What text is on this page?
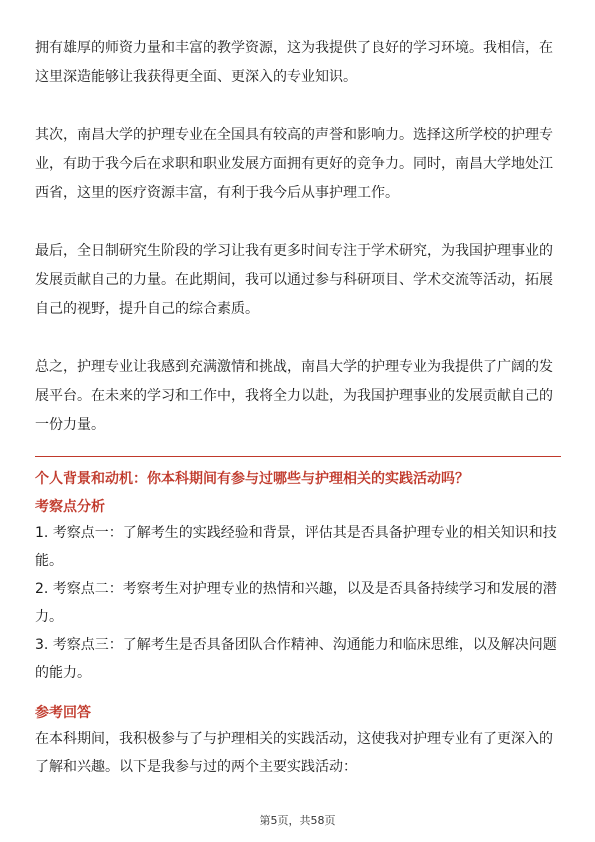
拥有雄厚的师资力量和丰富的教学资源，这为我提供了良好的学习环境。我相信，在这里深造能够让我获得更全面、更深入的专业知识。

其次，南昌大学的护理专业在全国具有较高的声誉和影响力。选择这所学校的护理专业，有助于我今后在求职和职业发展方面拥有更好的竞争力。同时，南昌大学地处江西省，这里的医疗资源丰富，有利于我今后从事护理工作。

最后，全日制研究生阶段的学习让我有更多时间专注于学术研究，为我国护理事业的发展贡献自己的力量。在此期间，我可以通过参与科研项目、学术交流等活动，拓展自己的视野，提升自己的综合素质。

总之，护理专业让我感到充满激情和挑战，南昌大学的护理专业为我提供了广阔的发展平台。在未来的学习和工作中，我将全力以赴，为我国护理事业的发展贡献自己的一份力量。

个人背景和动机：你本科期间有参与过哪些与护理相关的实践活动吗？
考察点分析
1. 考察点一：了解考生的实践经验和背景，评估其是否具备护理专业的相关知识和技能。
2. 考察点二：考察考生对护理专业的热情和兴趣，以及是否具备持续学习和发展的潜力。
3. 考察点三：了解考生是否具备团队合作精神、沟通能力和临床思维，以及解决问题的能力。
参考回答
在本科期间，我积极参与了与护理相关的实践活动，这使我对护理专业有了更深入的了解和兴趣。以下是我参与过的两个主要实践活动：
第5页，共58页
